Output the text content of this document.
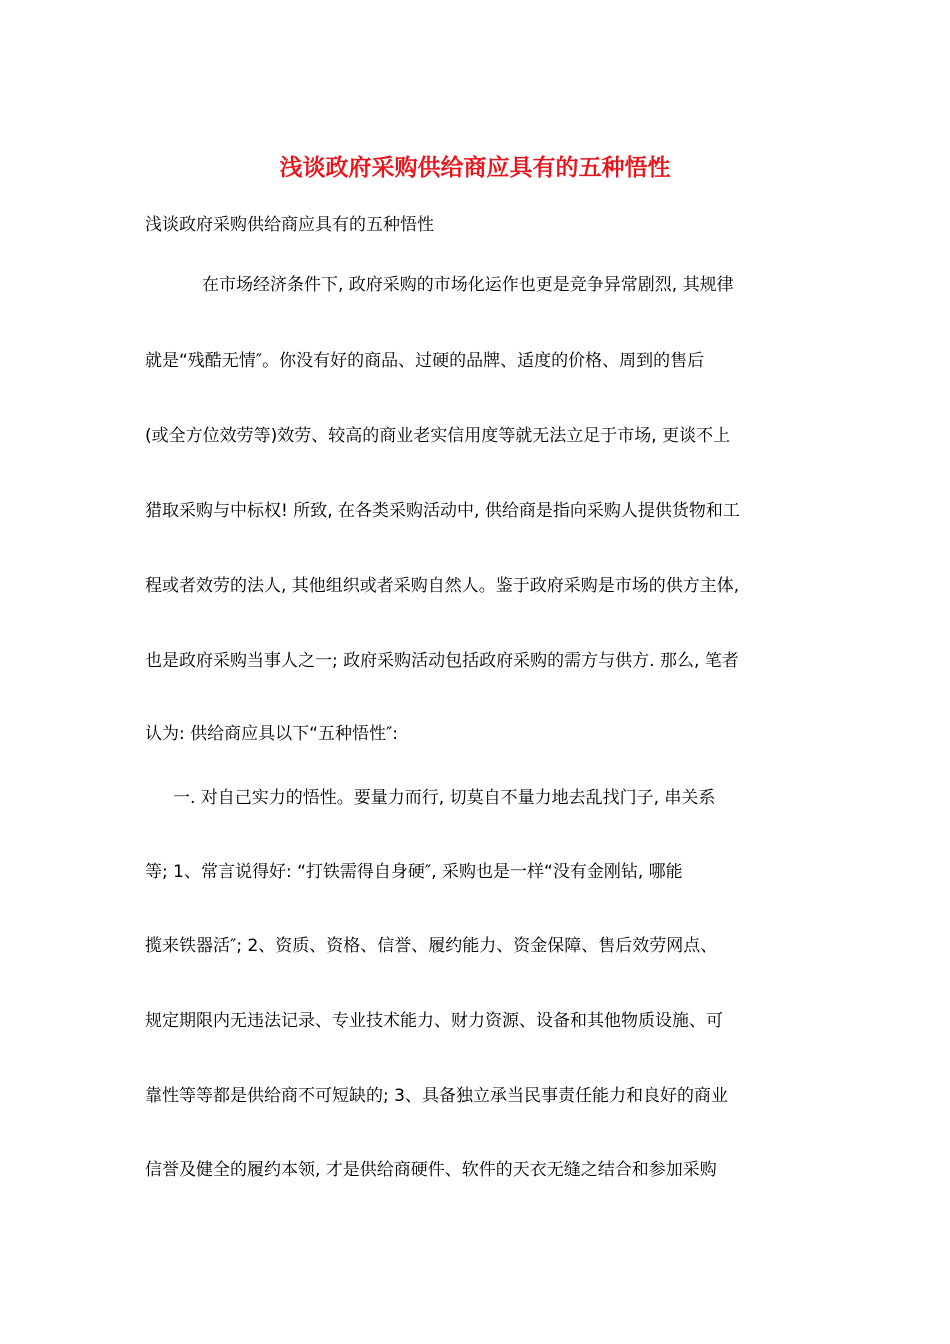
浅谈政府采购供给商应具有的五种悟性
浅谈政府采购供给商应具有的五种悟性
在市场经济条件下, 政府采购的市场化运作也更是竞争异常剧烈, 其规律
就是“残酷无情″。你没有好的商品、过硬的品牌、适度的价格、周到的售后
(或全方位效劳等)效劳、较高的商业老实信用度等就无法立足于市场, 更谈不上
猎取采购与中标权! 所致, 在各类采购活动中, 供给商是指向采购人提供货物和工
程或者效劳的法人, 其他组织或者采购自然人。鉴于政府采购是市场的供方主体,
也是政府采购当事人之一; 政府采购活动包括政府采购的需方与供方. 那么, 笔者
认为: 供给商应具以下“五种悟性″:
一. 对自己实力的悟性。要量力而行, 切莫自不量力地去乱找门子, 串关系
等; 1、常言说得好: “打铁需得自身硬″, 采购也是一样“没有金刚钻, 哪能
揽来铁器活″; 2、资质、资格、信誉、履约能力、资金保障、售后效劳网点、
规定期限内无违法记录、专业技术能力、财力资源、设备和其他物质设施、可
靠性等等都是供给商不可短缺的; 3、具备独立承当民事责任能力和良好的商业
信誉及健全的履约本领, 才是供给商硬件、软件的天衣无缝之结合和参加采购
